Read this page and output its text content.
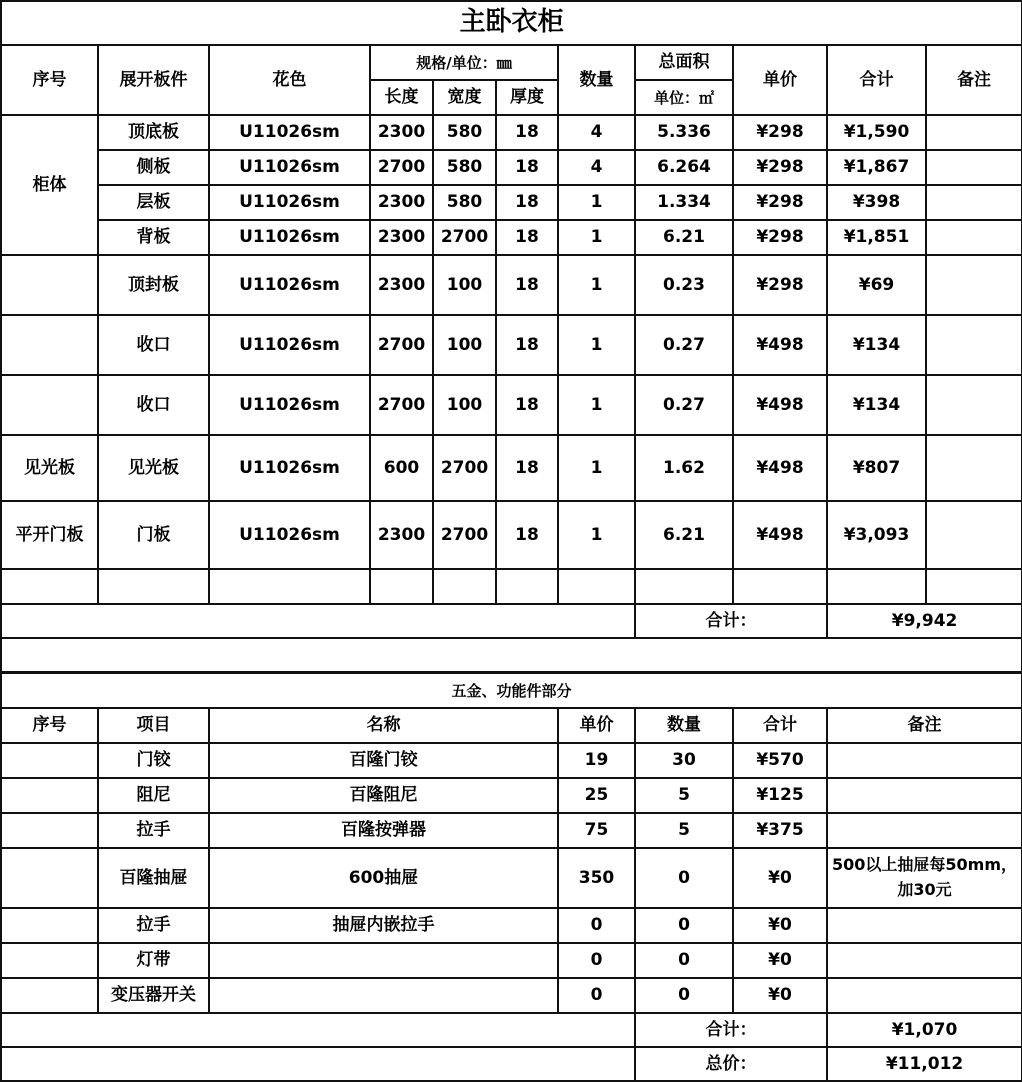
主卧衣柜										
序号	展开板件	花色	规格/单位：㎜			数量	总面积	单价	合计	备注
			长度	宽度	厚度		单位：㎡			
柜体	顶底板	U11026sm	2300	580	18	4	5.336	¥298	¥1,590	
	侧板	U11026sm	2700	580	18	4	6.264	¥298	¥1,867	
	层板	U11026sm	2300	580	18	1	1.334	¥298	¥398	
	背板	U11026sm	2300	2700	18	1	6.21	¥298	¥1,851	
	顶封板	U11026sm	2300	100	18	1	0.23	¥298	¥69	
	收口	U11026sm	2700	100	18	1	0.27	¥498	¥134	
	收口	U11026sm	2700	100	18	1	0.27	¥498	¥134	
见光板	见光板	U11026sm	600	2700	18	1	1.62	¥498	¥807	
平开门板	门板	U11026sm	2300	2700	18	1	6.21	¥498	¥3,093	

							合计：		¥9,942	

五金、功能件部分						
序号	项目	名称	单价	数量	合计	备注
	门铰	百隆门铰	19	30	¥570	
	阻尼	百隆阻尼	25	5	¥125	
	拉手	百隆按弹器	75	5	¥375	
	百隆抽屉	600抽屉	350	0	¥0	500以上抽屉每50mm，加30元
	拉手	抽屉内嵌拉手	0	0	¥0	
	灯带		0	0	¥0	
	变压器开关		0	0	¥0	
				合计：		¥1,070
				总价：		¥11,012
